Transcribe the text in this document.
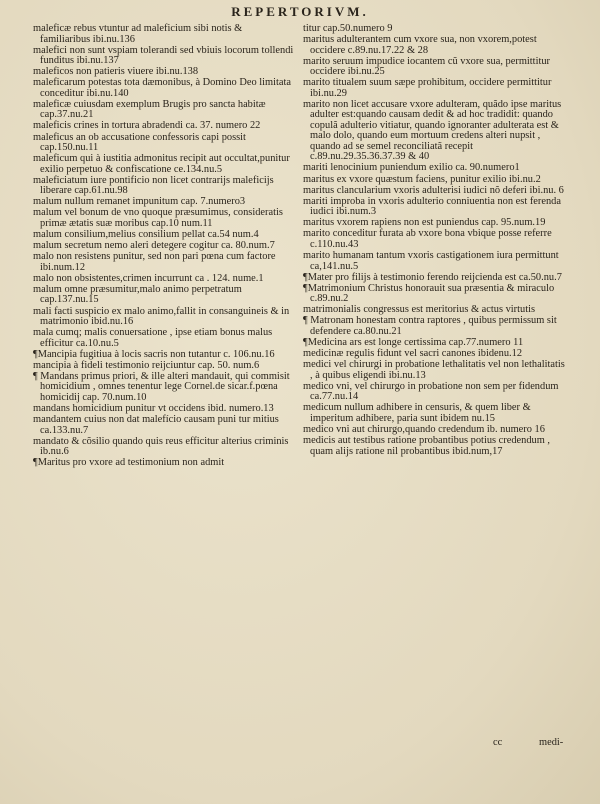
REPERTORIVM.

maleficæ rebus vtuntur ad maleficium sibi notis & familiaribus ibi.nu.136

malefici non sunt vspiam tolerandi sed vbiuis locorum tollendi funditus ibi.nu.137

maleficos non patieris viuere ibi.nu.138

maleficarum potestas tota dæmonibus, à Domino Deo limitata conceditur ibi.nu.140

maleficæ cuiusdam exemplum Brugis pro sancta habitæ cap.37.nu.21

maleficis crines in tortura abradendi ca. 37. numero 22

maleficus an ob accusatione confessoris capi possit cap.150.nu.11

maleficum qui à iustitia admonitus recipit aut occultat,punitur exilio perpetuo & confiscatione ce.134.nu.5

maleficiatum iure pontificio non licet contrarijs maleficijs liberare cap.61.nu.98

malum nullum remanet impunitum cap. 7.numero3

malum vel bonum de vno quoque præsumimus, consideratis primæ ætatis suæ moribus cap.10 num.11

malum consilium,melius consilium pellat ca.54 num.4

malum secretum nemo aleri detegere cogitur ca. 80.num.7

malo non resistens punitur, sed non pari pœna cum factore ibi.num.12

malo non obsistentes,crimen incurrunt ca . 124. nume.1

malum omne præsumitur,malo animo perpetratum cap.137.nu.15

mali facti suspicio ex malo animo,fallit in consanguineis & in matrimonio ibid.nu.16

mala cumq; malis conuersatione , ipse etiam bonus malus efficitur ca.10.nu.5

¶Mancipia fugitiua à locis sacris non tutantur c. 106.nu.16

mancipia à fideli testimonio reijciuntur cap. 50. num.6

¶ Mandans primus priori, & ille alteri mandauit, qui commisit homicidium , omnes tenentur lege Cornel.de sicar.f.pœna homicidij cap. 70.num.10

mandans homicidium punitur vt occidens ibid. numero.13

mandantem cuius non dat malefício causam puni tur mitius ca.133.nu.7

mandato & cõsilio quando quis reus efficitur alterius criminis ib.nu.6

¶Maritus pro vxore ad testimonium non admit

titur cap.50.numero 9

maritus adulterantem cum vxore sua, non vxorem,potest occidere c.89.nu.17.22 & 28

marito seruum impudice iocantem cũ vxore sua, permittitur occidere ibi.nu.25

marito titualem suum sæpe prohibitum, occidere permittitur ibi.nu.29

marito non licet accusare vxore adulteram, quãdo ipse maritus adulter est:quando causam dedit & ad hoc tradidit: quando copulã adulterio vitiatur, quando ignoranter adulterata est & malo dolo, quando eum mortuum credens alteri nupsit , quando ad se semel reconciliatã recepit c.89.nu.29.35.36.37.39 & 40

mariti lenocinium puniendum exilio ca. 90.numero1

maritus ex vxore quæstum faciens, punitur exilio ibi.nu.2

maritus clancularium vxoris adulterisi iudici nõ deferi ibi.nu. 6

mariti improba in vxoris adulterio conniuentia non est ferenda iudici ibi.num.3

maritus vxorem rapiens non est puniendus cap. 95.num.19

marito conceditur furata ab vxore bona vbique posse referre c.110.nu.43

marito humanam tantum vxoris castigationem iura permittunt ca,141.nu.5

¶Mater pro filijs à testimonio ferendo reijcienda est ca.50.nu.7

¶Matrimonium Christus honorauit sua præsentia & miraculo c.89.nu.2

matrimonialis congressus est meritorius & actus virtutis

¶ Matronam honestam contra raptores , quibus permissum sit defendere ca.80.nu.21

¶Medicina ars est longe certissima cap.77.numero 11

medicinæ regulis fidunt vel sacri canones ibidenu.12

medici vel chirurgi in probatione lethalitatis vel non lethalitatis , à quibus eligendi ibi.nu.13

medico vni, vel chirurgo in probatione non sem per fidendum ca.77.nu.14

medicum nullum adhibere in censuris, & quem liber & imperitum adhibere, paria sunt ibidem nu.15

medico vni aut chirurgo,quando credendum ib. numero 16

medicis aut testibus ratione probantibus potius credendum , quam alijs ratione nil probantibus ibid.num,17

cc	medi-
